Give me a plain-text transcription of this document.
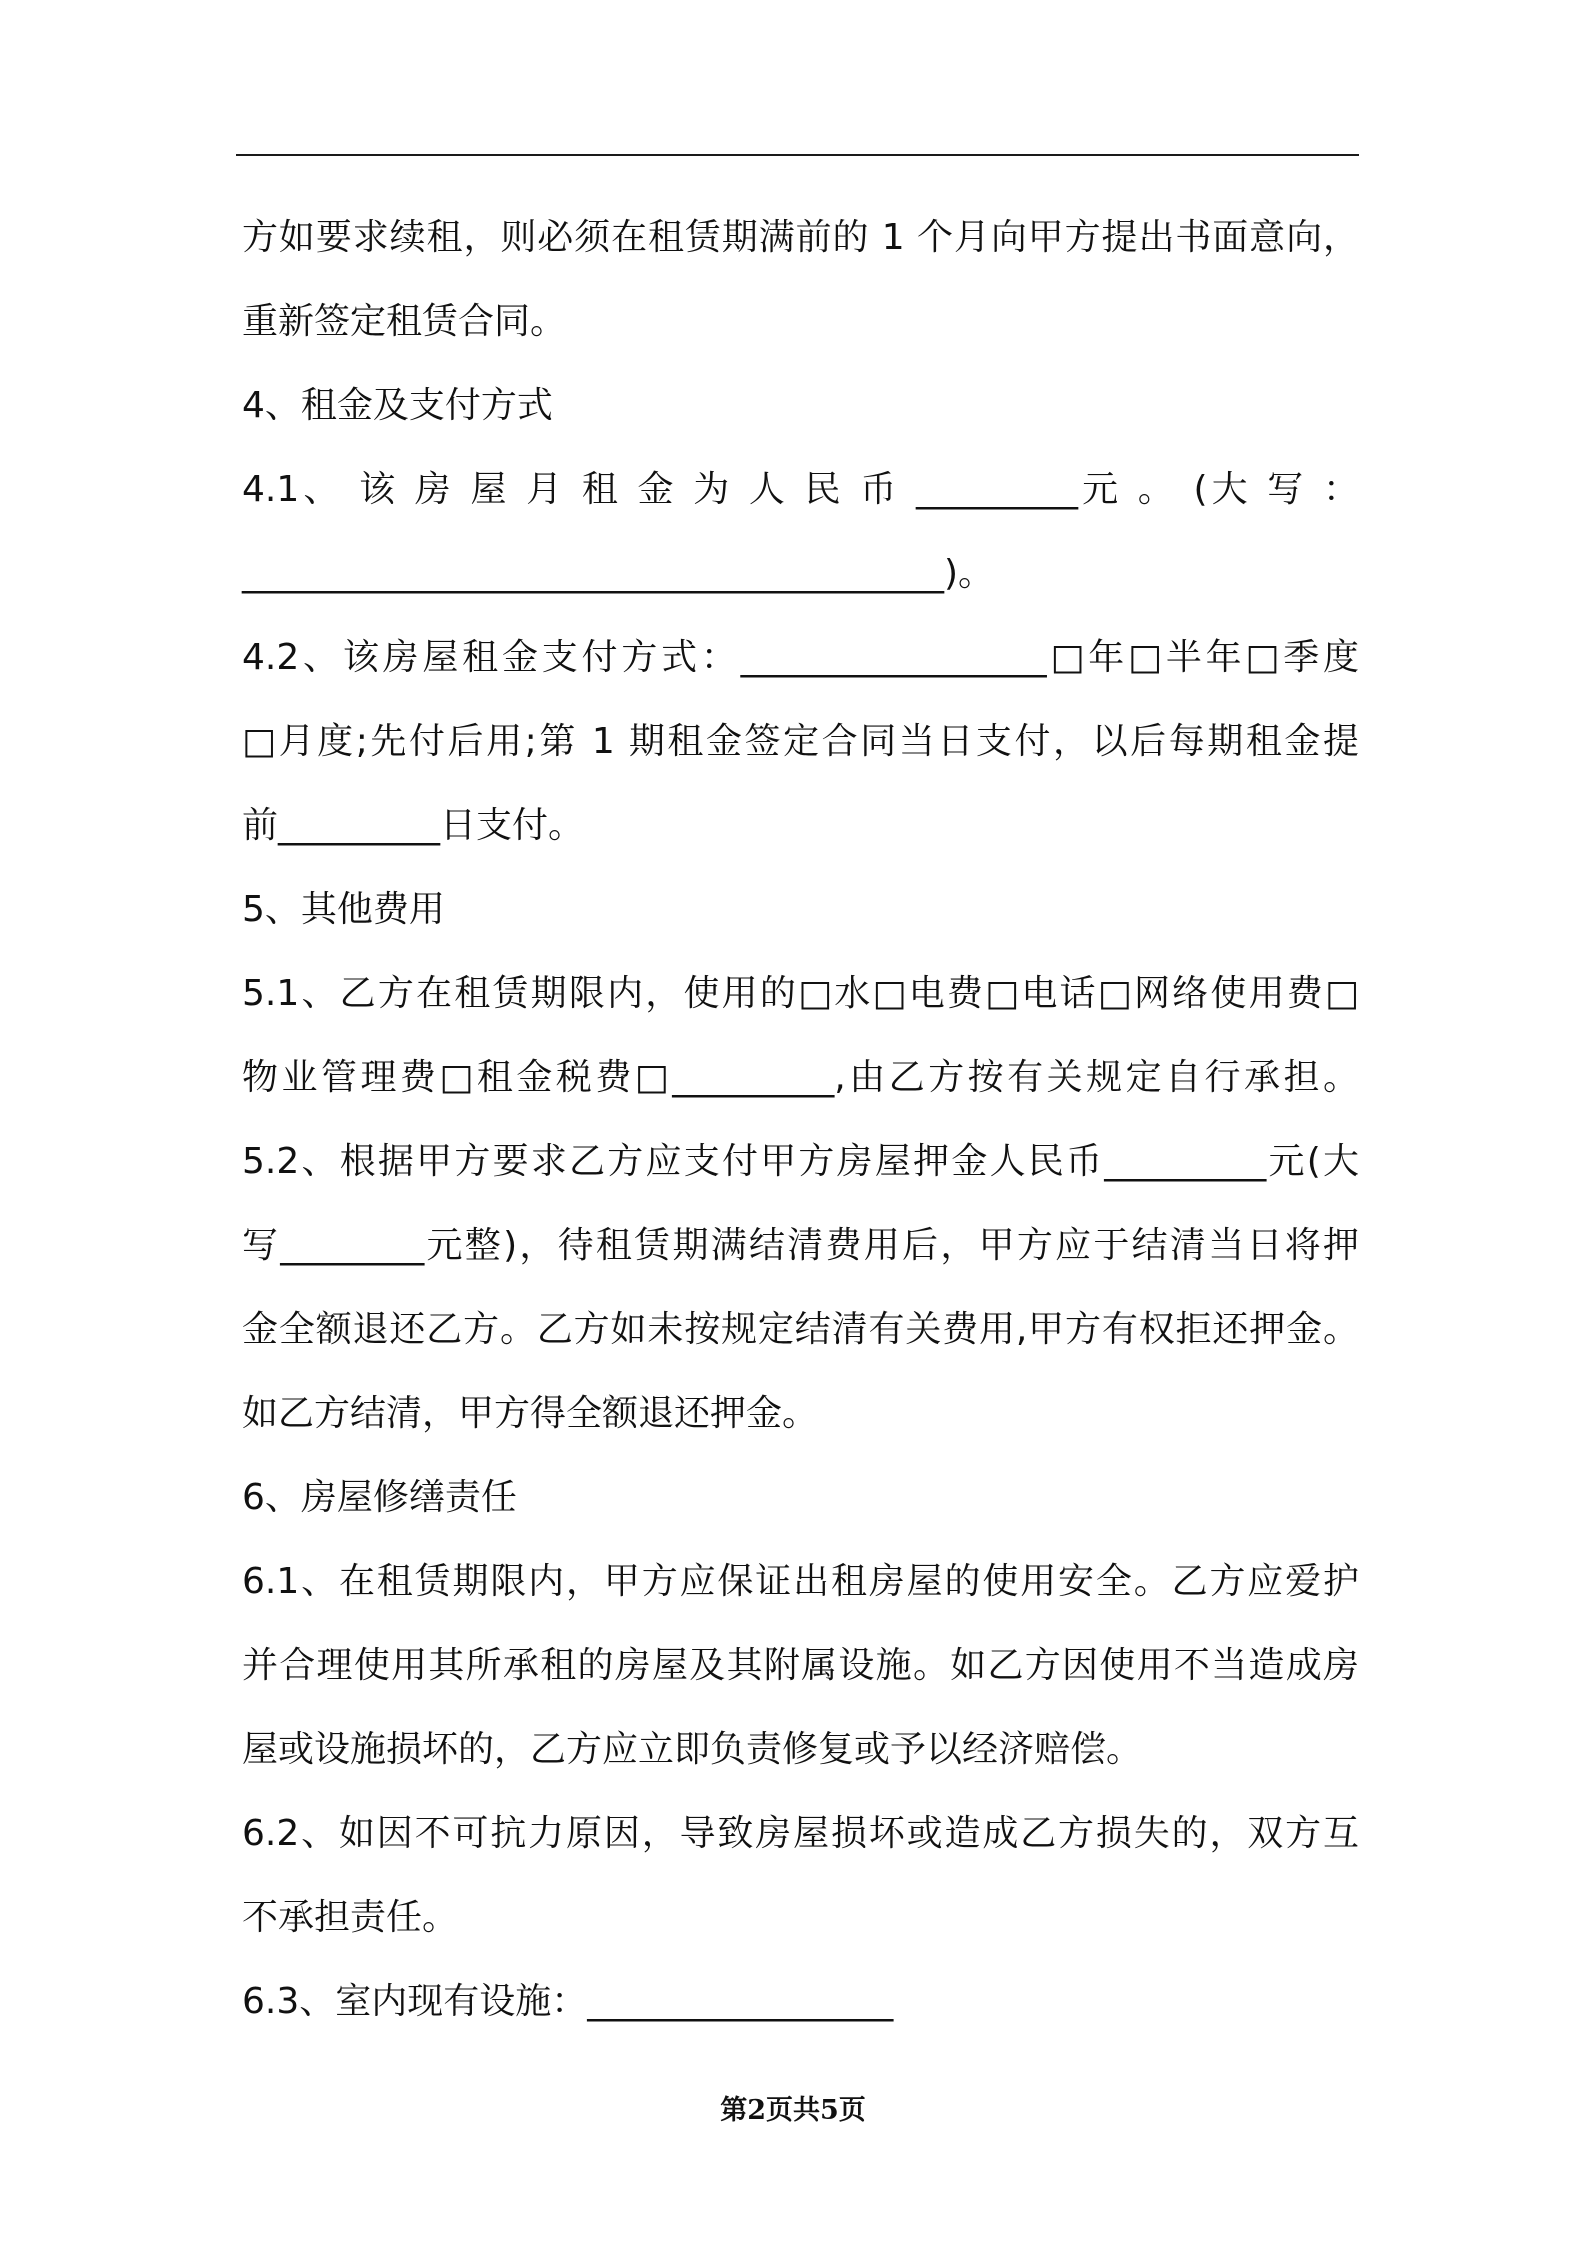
方如要求续租，则必须在租赁期满前的 1 个月向甲方提出书面意向，
重新签定租赁合同。
4、租金及支付方式
4.1、 该 房 屋 月 租 金 为 人 民 币 _________元 。 (大 写 ：
_______________________________________)。
4.2、该房屋租金支付方式：_________________□年□半年□季度
□月度;先付后用;第 1 期租金签定合同当日支付，以后每期租金提
前_________日支付。
5、其他费用
5.1、乙方在租赁期限内，使用的□水□电费□电话□网络使用费□
物业管理费□租金税费□_________,由乙方按有关规定自行承担。
5.2、根据甲方要求乙方应支付甲方房屋押金人民币_________元(大
写________元整)，待租赁期满结清费用后，甲方应于结清当日将押
金全额退还乙方。乙方如未按规定结清有关费用,甲方有权拒还押金。
如乙方结清，甲方得全额退还押金。
6、房屋修缮责任
6.1、在租赁期限内，甲方应保证出租房屋的使用安全。乙方应爱护
并合理使用其所承租的房屋及其附属设施。如乙方因使用不当造成房
屋或设施损坏的，乙方应立即负责修复或予以经济赔偿。
6.2、如因不可抗力原因，导致房屋损坏或造成乙方损失的，双方互
不承担责任。
6.3、室内现有设施：_________________
第2页共5页
